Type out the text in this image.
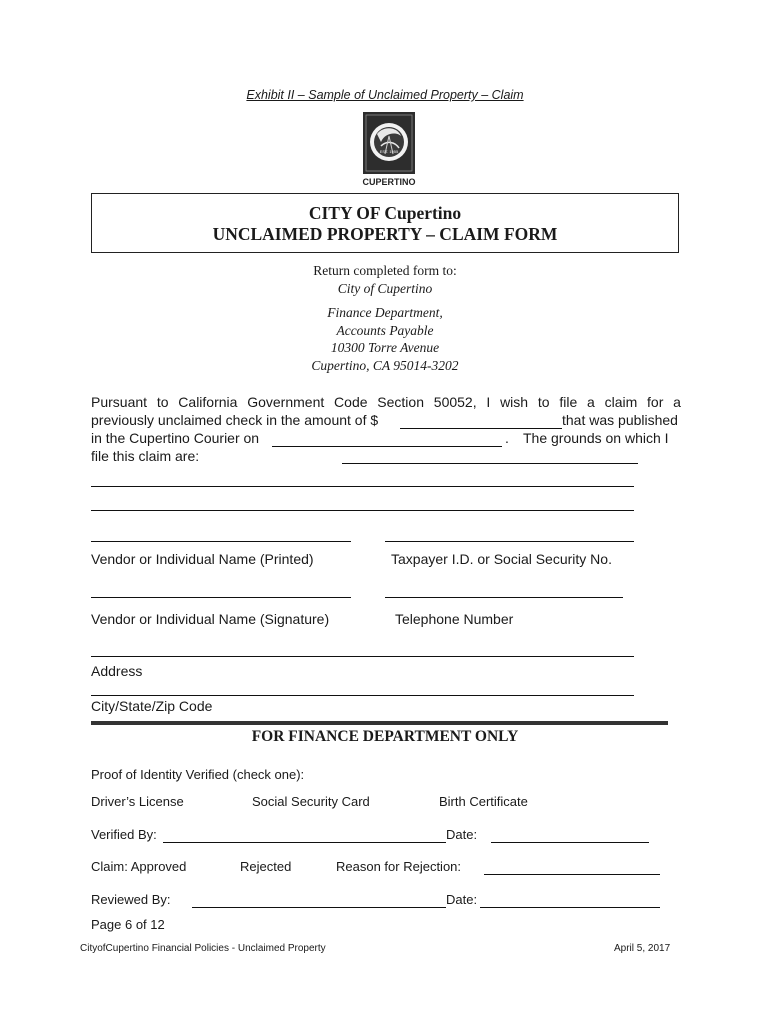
Exhibit II – Sample of Unclaimed Property – Claim
EST. 1955
CUPERTINO
CITY OF Cupertino
UNCLAIMED PROPERTY – CLAIM FORM
Return completed form to:
City of Cupertino
Finance Department,
Accounts Payable
10300 Torre Avenue
Cupertino, CA 95014-3202
Pursuant to California Government Code Section 50052, I wish to file a claim for a
previously unclaimed check in the amount of $	that was published
in the Cupertino Courier on	. The grounds on which I
file this claim are:
Vendor or Individual Name (Printed)	Taxpayer I.D. or Social Security No.
Vendor or Individual Name (Signature)	Telephone Number
Address
City/State/Zip Code
FOR FINANCE DEPARTMENT ONLY
Proof of Identity Verified (check one):
Driver’s License	Social Security Card	Birth Certificate
Verified By:	Date:
Claim: Approved	Rejected	Reason for Rejection:
Reviewed By:	Date:
Page 6 of 12
CityofCupertino Financial Policies - Unclaimed Property	April 5, 2017
